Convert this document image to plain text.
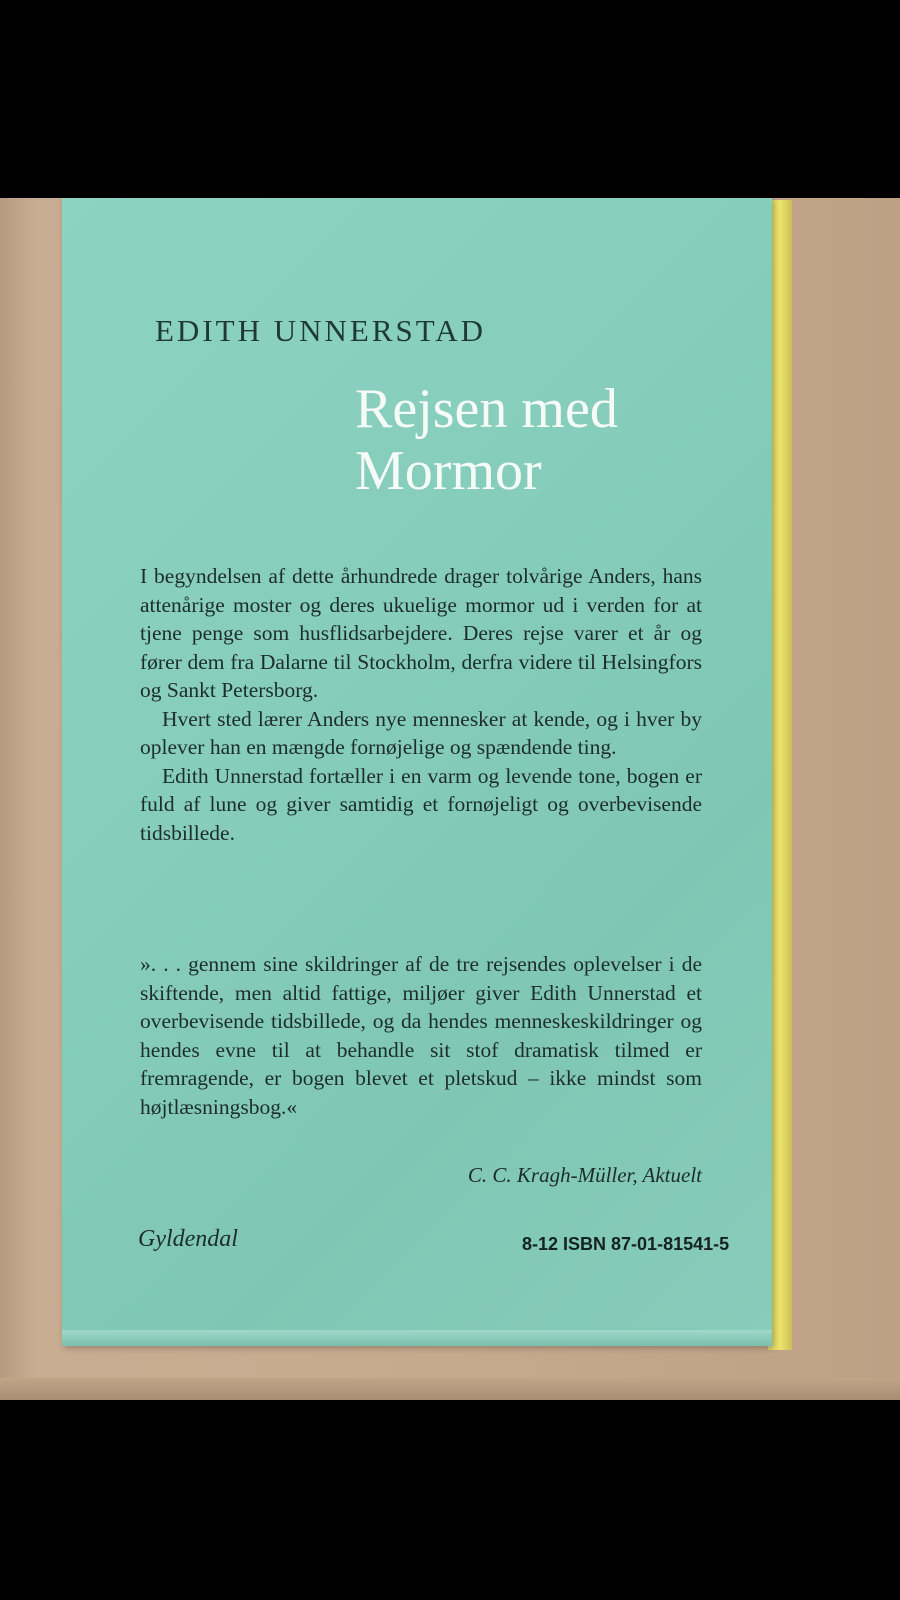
EDITH UNNERSTAD
Rejsen med
Mormor

I begyndelsen af dette århundrede drager tolvårige Anders, hans attenårige moster og deres ukuelige mormor ud i verden for at tjene penge som husflidsarbejdere. Deres rejse varer et år og fører dem fra Dalarne til Stockholm, derfra videre til Helsingfors og Sankt Petersborg.

Hvert sted lærer Anders nye mennesker at kende, og i hver by oplever han en mængde fornøjelige og spændende ting.

Edith Unnerstad fortæller i en varm og levende tone, bogen er fuld af lune og giver samtidig et fornøjeligt og overbevisende tidsbillede.

». . . gennem sine skildringer af de tre rejsendes oplevelser i de skiftende, men altid fattige, miljøer giver Edith Unnerstad et overbevisende tidsbillede, og da hendes menneskeskildringer og hendes evne til at behandle sit stof dramatisk tilmed er fremragende, er bogen blevet et pletskud – ikke mindst som højtlæsningsbog.«
C. C. Kragh-Müller, Aktuelt
Gyldendal	8-12 ISBN 87-01-81541-5
